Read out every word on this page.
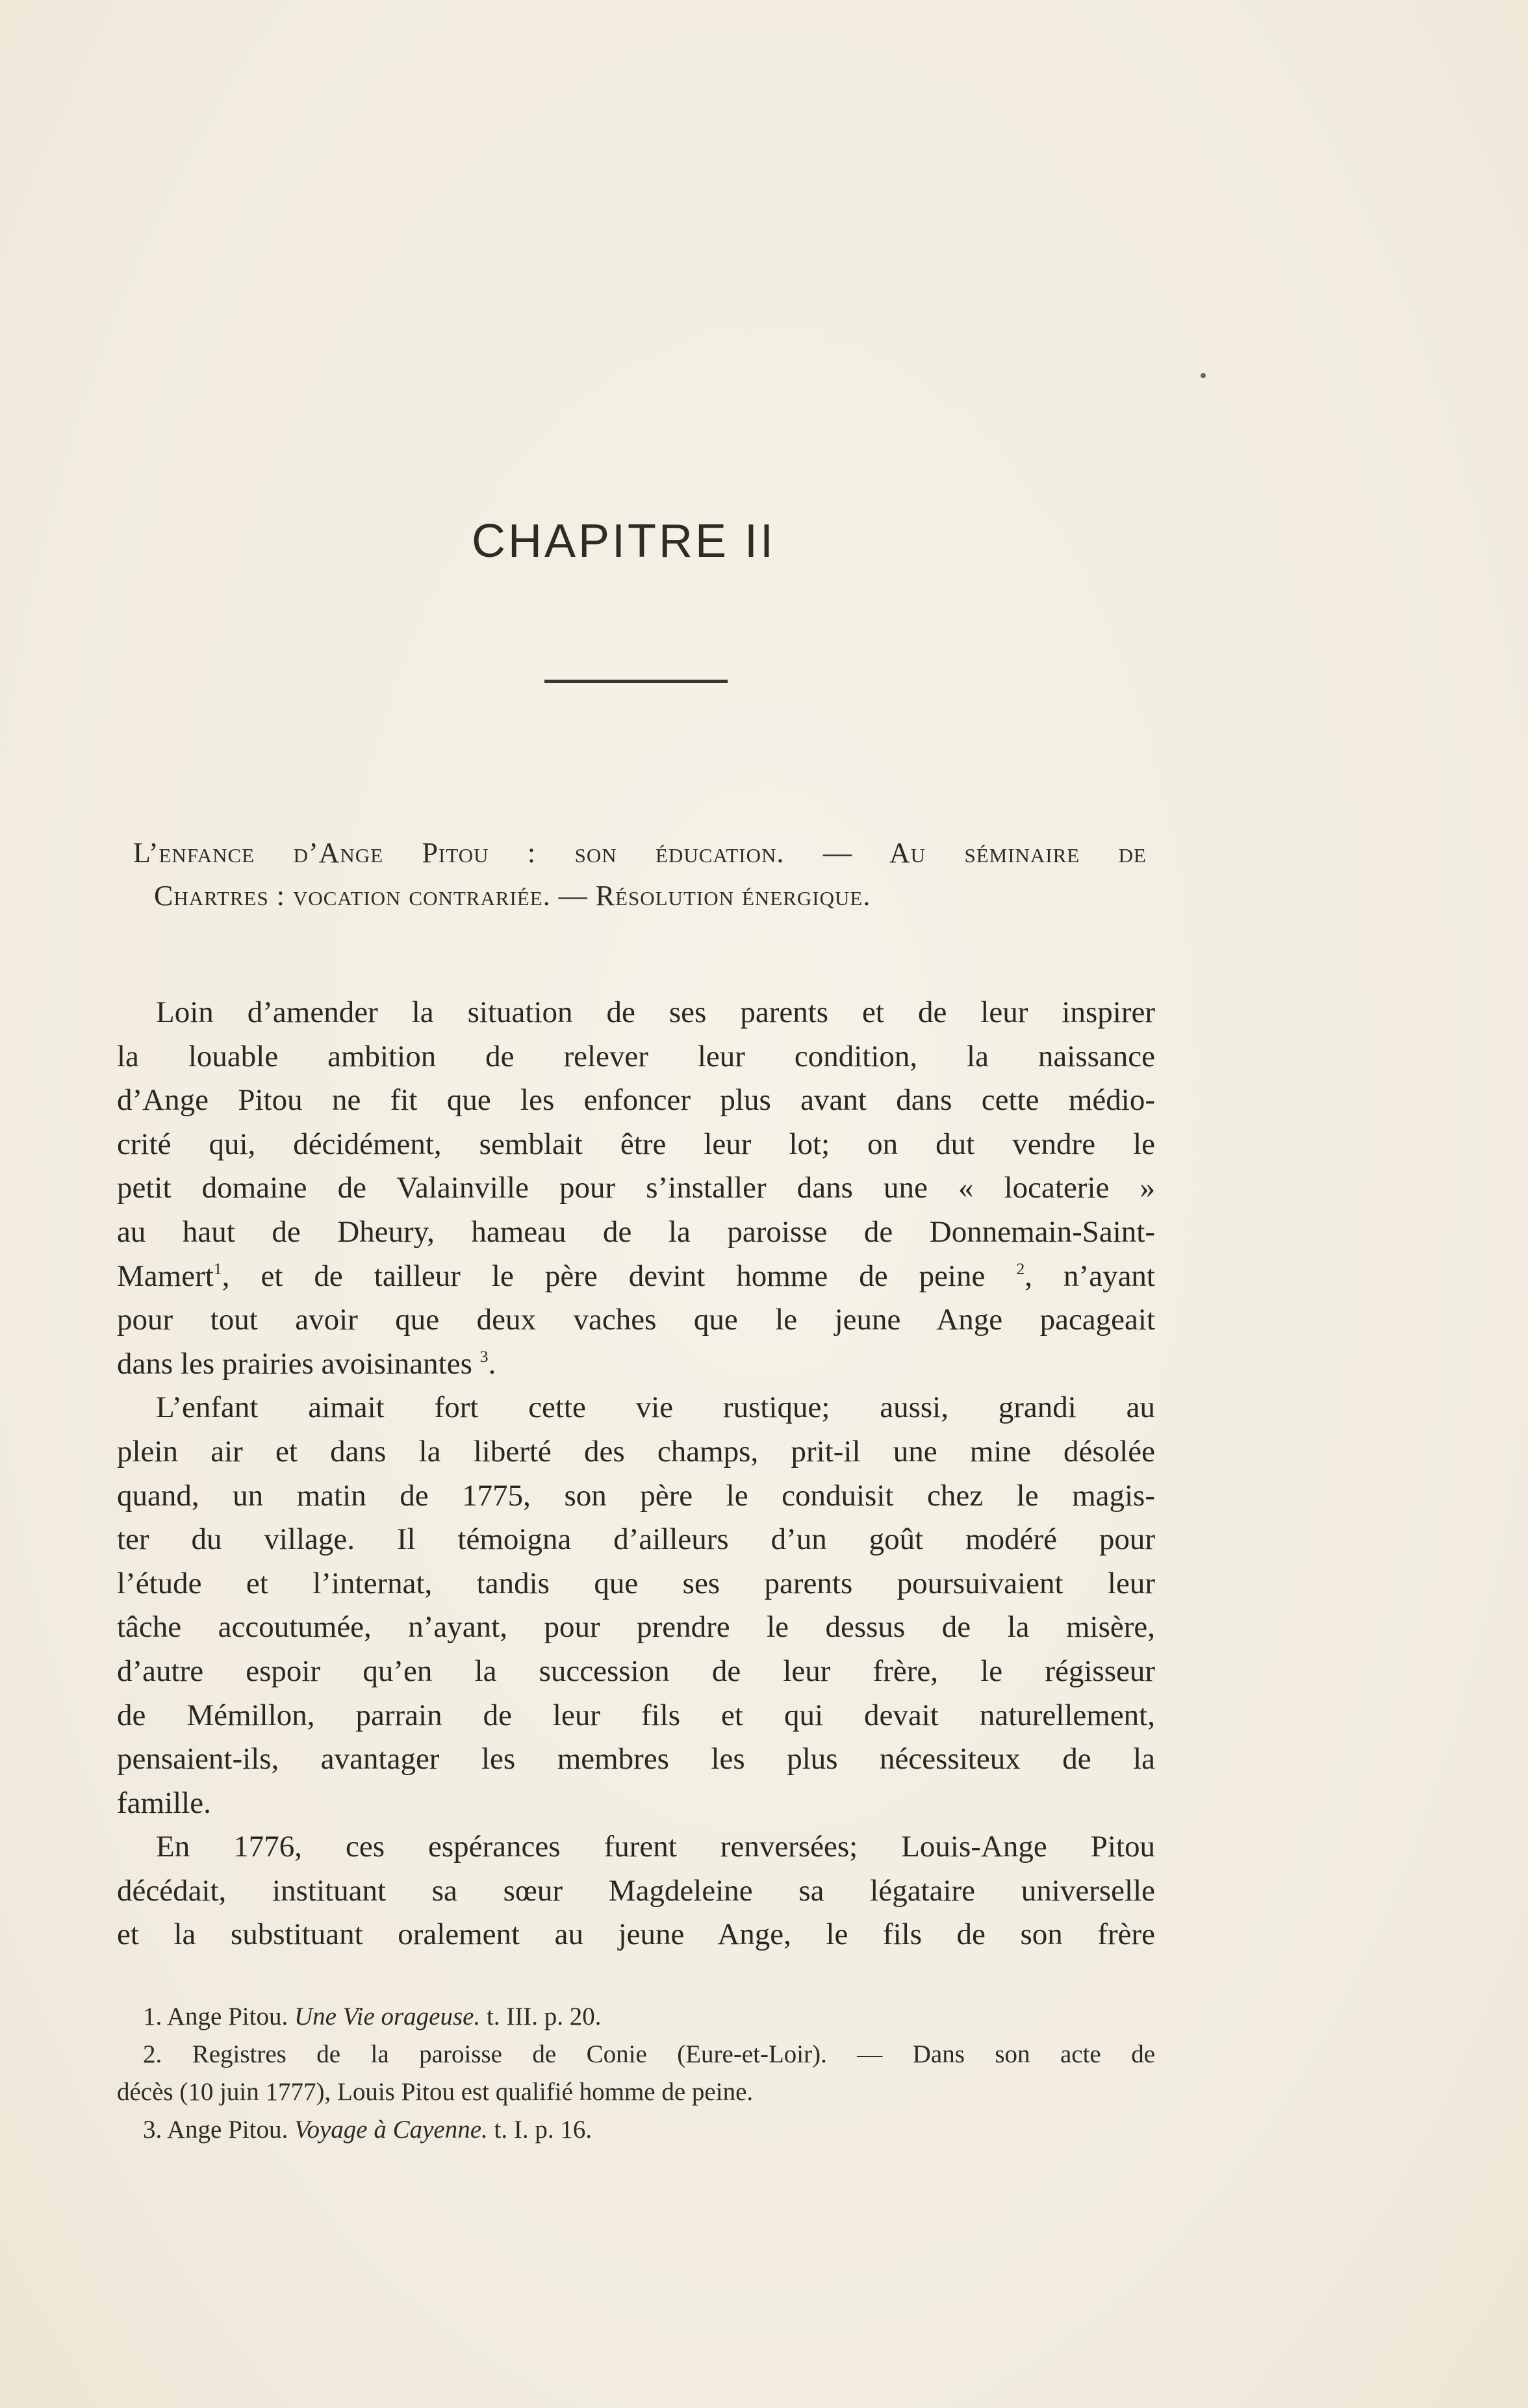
CHAPITRE II
L’enfance d’Ange Pitou : son éducation. — Au séminaire de
Chartres : vocation contrariée. — Résolution énergique.
Loin d’amender la situation de ses parents et de leur inspirer
la louable ambition de relever leur condition, la naissance
d’Ange Pitou ne fit que les enfoncer plus avant dans cette médio-
crité qui, décidément, semblait être leur lot; on dut vendre le
petit domaine de Valainville pour s’installer dans une « locaterie »
au haut de Dheury, hameau de la paroisse de Donnemain-Saint-
Mamert$^1$, et de tailleur le père devint homme de peine $^2$, n’ayant
pour tout avoir que deux vaches que le jeune Ange pacageait
dans les prairies avoisinantes $^3$.
L’enfant aimait fort cette vie rustique; aussi, grandi au
plein air et dans la liberté des champs, prit-il une mine désolée
quand, un matin de 1775, son père le conduisit chez le magis-
ter du village. Il témoigna d’ailleurs d’un goût modéré pour
l’étude et l’internat, tandis que ses parents poursuivaient leur
tâche accoutumée, n’ayant, pour prendre le dessus de la misère,
d’autre espoir qu’en la succession de leur frère, le régisseur
de Mémillon, parrain de leur fils et qui devait naturellement,
pensaient-ils, avantager les membres les plus nécessiteux de la
famille.
En 1776, ces espérances furent renversées; Louis-Ange Pitou
décédait, instituant sa sœur Magdeleine sa légataire universelle
et la substituant oralement au jeune Ange, le fils de son frère
1. Ange Pitou. Une Vie orageuse. t. III. p. 20.
2. Registres de la paroisse de Conie (Eure-et-Loir). — Dans son acte de
décès (10 juin 1777), Louis Pitou est qualifié homme de peine.
3. Ange Pitou. Voyage à Cayenne. t. I. p. 16.
